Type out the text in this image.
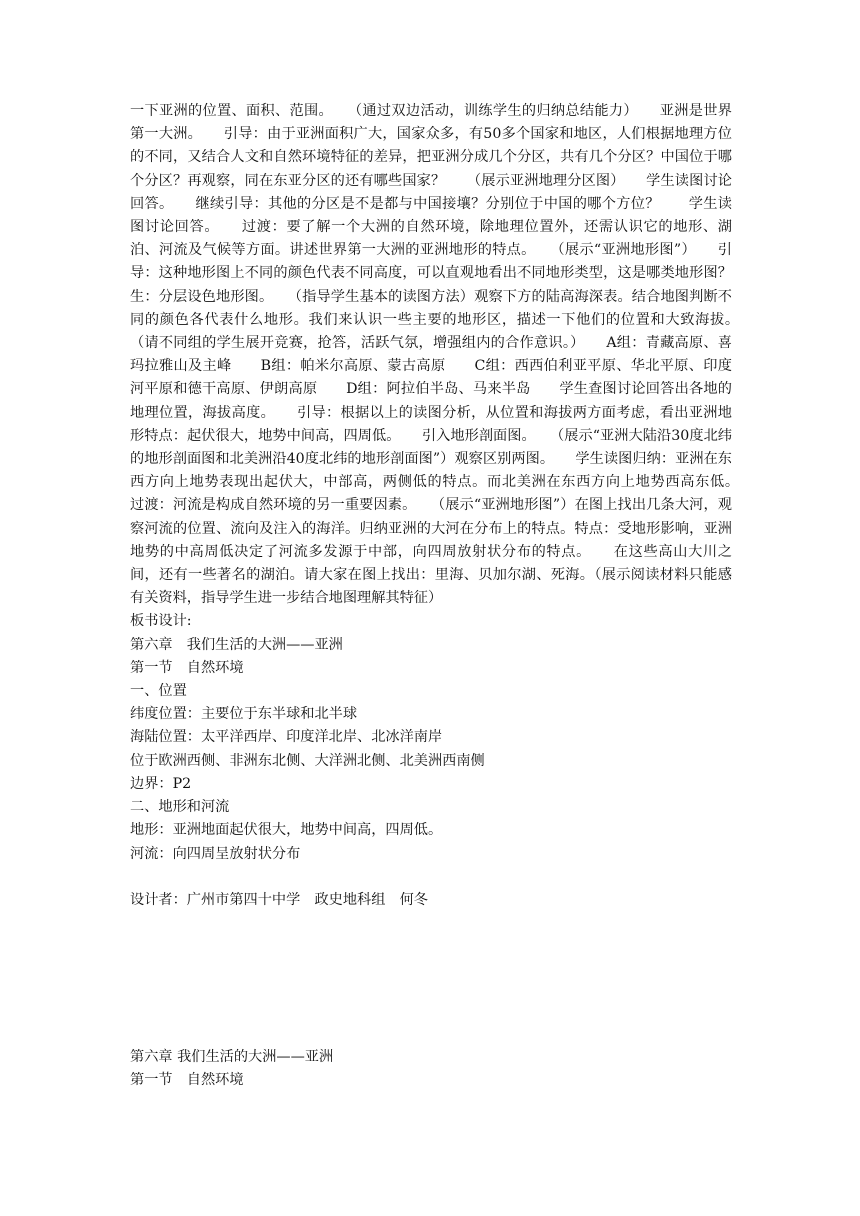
一下亚洲的位置、面积、范围。　　（通过双边活动，训练学生的归纳总结能力）　　亚洲是世界第一大洲。　　引导：由于亚洲面积广大，国家众多，有50多个国家和地区，人们根据地理方位的不同，又结合人文和自然环境特征的差异，把亚洲分成几个分区，共有几个分区？中国位于哪个分区？再观察，同在东亚分区的还有哪些国家？　　（展示亚洲地理分区图）　　学生读图讨论回答。　　继续引导：其他的分区是不是都与中国接壤？分别位于中国的哪个方位？　　学生读图讨论回答。　　过渡：要了解一个大洲的自然环境，除地理位置外，还需认识它的地形、湖泊、河流及气候等方面。讲述世界第一大洲的亚洲地形的特点。　　（展示“亚洲地形图”）　　引导：这种地形图上不同的颜色代表不同高度，可以直观地看出不同地形类型，这是哪类地形图？　　生：分层设色地形图。　　（指导学生基本的读图方法）观察下方的陆高海深表。结合地图判断不同的颜色各代表什么地形。我们来认识一些主要的地形区，描述一下他们的位置和大致海拔。　　（请不同组的学生展开竞赛，抢答，活跃气氛，增强组内的合作意识。）　　A组：青藏高原、喜玛拉雅山及主峰　　B组：帕米尔高原、蒙古高原　　C组：西西伯利亚平原、华北平原、印度河平原和德干高原、伊朗高原　　D组：阿拉伯半岛、马来半岛　　学生查图讨论回答出各地的地理位置，海拔高度。　　引导：根据以上的读图分析，从位置和海拔两方面考虑，看出亚洲地形特点：起伏很大，地势中间高，四周低。　　引入地形剖面图。　　（展示“亚洲大陆沿30度北纬的地形剖面图和北美洲沿40度北纬的地形剖面图”）观察区别两图。　　学生读图归纳：亚洲在东西方向上地势表现出起伏大，中部高，两侧低的特点。而北美洲在东西方向上地势西高东低。　　过渡：河流是构成自然环境的另一重要因素。　　（展示“亚洲地形图”）在图上找出几条大河，观察河流的位置、流向及注入的海洋。归纳亚洲的大河在分布上的特点。特点：受地形影响，亚洲地势的中高周低决定了河流多发源于中部，向四周放射状分布的特点。　　在这些高山大川之间，还有一些著名的湖泊。请大家在图上找出：里海、贝加尔湖、死海。（展示阅读材料只能感有关资料，指导学生进一步结合地图理解其特征）

板书设计:

第六章　我们生活的大洲——亚洲

第一节　自然环境

一、位置

纬度位置：主要位于东半球和北半球

海陆位置：太平洋西岸、印度洋北岸、北冰洋南岸

位于欧洲西侧、非洲东北侧、大洋洲北侧、北美洲西南侧

边界：P2

二、地形和河流

地形：亚洲地面起伏很大，地势中间高，四周低。

河流：向四周呈放射状分布

设计者：广州市第四十中学　政史地科组　何冬

第六章 我们生活的大洲——亚洲

第一节　自然环境
